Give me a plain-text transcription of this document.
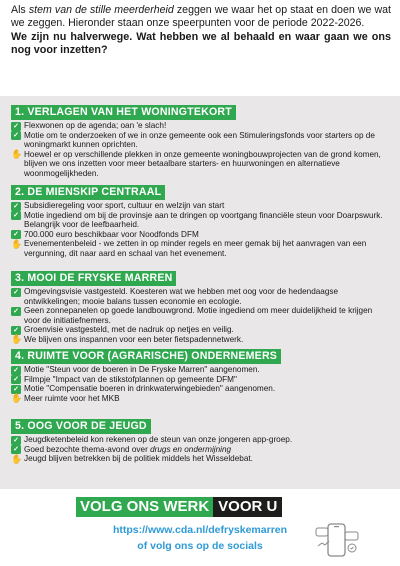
Als stem van de stille meerderheid zeggen we waar het op staat en doen we wat we zeggen. Hieronder staan onze speerpunten voor de periode 2022-2026.

We zijn nu halverwege. Wat hebben we al behaald en waar gaan we ons nog voor inzetten?

1. VERLAGEN VAN HET WONINGTEKORT
✓ Flexwonen op de agenda; oan 'e slach!
✓ Motie om te onderzoeken of we in onze gemeente ook een Stimuleringsfonds voor starters op de woningmarkt kunnen oprichten.
✋ Hoewel er op verschillende plekken in onze gemeente woningbouwprojecten van de grond komen, blijven we ons inzetten voor meer betaalbare starters- en huurwoningen en alternatieve woonmogelijkheden.
2. DE MIENSKIP CENTRAAL
✓ Subsidieregeling voor sport, cultuur en welzijn van start
✓ Motie ingediend om bij de provinsje aan te dringen op voortgang financiële steun voor Doarpswurk. Belangrijk voor de leefbaarheid.
✓ 700.000 euro beschikbaar voor Noodfonds DFM
✋ Evenementenbeleid - we zetten in op minder regels en meer gemak bij het aanvragen van een vergunning, dit naar aard en schaal van het evenement.
3. MOOI DE FRYSKE MARREN
✓ Omgevingsvisie vastgesteld. Koesteren wat we hebben met oog voor de hedendaagse ontwikkelingen; mooie balans tussen economie en ecologie.
✓ Geen zonnepanelen op goede landbouwgrond. Motie ingediend om meer duidelijkheid te krijgen voor de initiatiefnemers.
✓ Groenvisie vastgesteld, met de nadruk op netjes en veilig.
✋ We blijven ons inspannen voor een beter fietspadennetwerk.
4. RUIMTE VOOR (AGRARISCHE) ONDERNEMERS
✓ Motie "Steun voor de boeren in De Fryske Marren" aangenomen.
✓ Filmpje "Impact van de stikstofplannen op gemeente DFM"
✓ Motie "Compensatie boeren in drinkwaterwingebieden" aangenomen.
✋ Meer ruimte voor het MKB
5. OOG VOOR DE JEUGD
✓ Jeugdketenbeleid kon rekenen op de steun van onze jongeren app-groep.
✓ Goed bezochte thema-avond over drugs en ondermijning
✋ Jeugd blijven betrekken bij de politiek middels het Wisseldebat.
VOLG ONS WERK VOOR U
https://www.cda.nl/defryskemarren
of volg ons op de socials
